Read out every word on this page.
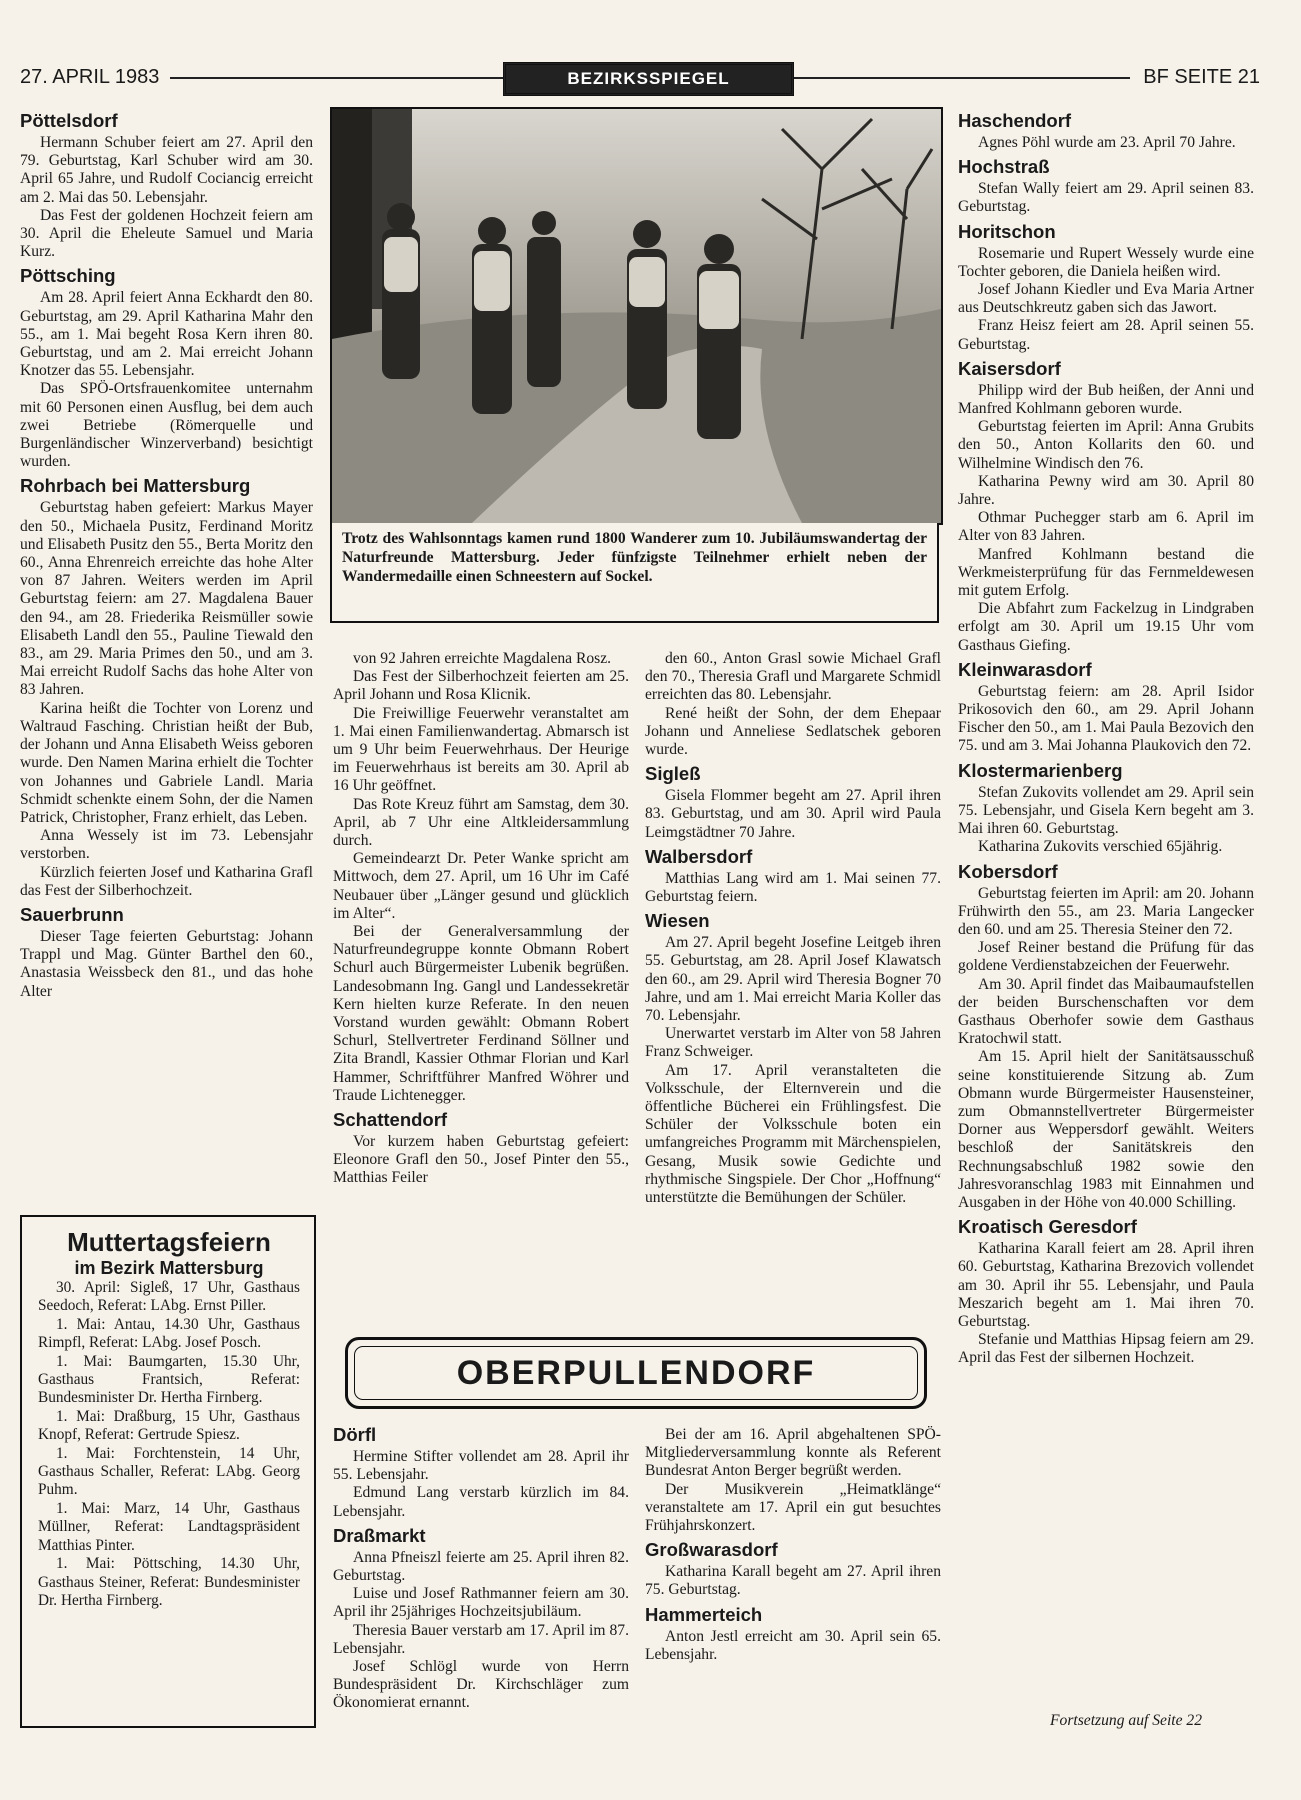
27. APRIL 1983	BEZIRKSSPIEGEL	BF SEITE 21
Pöttelsdorf

Hermann Schuber feiert am 27. April den 79. Geburtstag, Karl Schuber wird am 30. April 65 Jahre, und Rudolf Cociancig erreicht am 2. Mai das 50. Lebensjahr.

Das Fest der goldenen Hochzeit feiern am 30. April die Eheleute Samuel und Maria Kurz.

Pöttsching

Am 28. April feiert Anna Eckhardt den 80. Geburtstag, am 29. April Katharina Mahr den 55., am 1. Mai begeht Rosa Kern ihren 80. Geburtstag, und am 2. Mai erreicht Johann Knotzer das 55. Lebensjahr.

Das SPÖ-Ortsfrauenkomitee unternahm mit 60 Personen einen Ausflug, bei dem auch zwei Betriebe (Römerquelle und Burgenländischer Winzerverband) besichtigt wurden.

Rohrbach bei Mattersburg

Geburtstag haben gefeiert: Markus Mayer den 50., Michaela Pusitz, Ferdinand Moritz und Elisabeth Pusitz den 55., Berta Moritz den 60., Anna Ehrenreich erreichte das hohe Alter von 87 Jahren. Weiters werden im April Geburtstag feiern: am 27. Magdalena Bauer den 94., am 28. Friederika Reismüller sowie Elisabeth Landl den 55., Pauline Tiewald den 83., am 29. Maria Primes den 50., und am 3. Mai erreicht Rudolf Sachs das hohe Alter von 83 Jahren.

Karina heißt die Tochter von Lorenz und Waltraud Fasching. Christian heißt der Bub, der Johann und Anna Elisabeth Weiss geboren wurde. Den Namen Marina erhielt die Tochter von Johannes und Gabriele Landl. Maria Schmidt schenkte einem Sohn, der die Namen Patrick, Christopher, Franz erhielt, das Leben.

Anna Wessely ist im 73. Lebensjahr verstorben.

Kürzlich feierten Josef und Katharina Grafl das Fest der Silberhochzeit.

Sauerbrunn

Dieser Tage feierten Geburtstag: Johann Trappl und Mag. Günter Barthel den 60., Anastasia Weissbeck den 81., und das hohe Alter

Trotz des Wahlsonntags kamen rund 1800 Wanderer zum 10. Jubiläumswandertag der Naturfreunde Mattersburg. Jeder fünfzigste Teilnehmer erhielt neben der Wandermedaille einen Schneestern auf Sockel.

von 92 Jahren erreichte Magdalena Rosz.

Das Fest der Silberhochzeit feierten am 25. April Johann und Rosa Klicnik.

Die Freiwillige Feuerwehr veranstaltet am 1. Mai einen Familienwandertag. Abmarsch ist um 9 Uhr beim Feuerwehrhaus. Der Heurige im Feuerwehrhaus ist bereits am 30. April ab 16 Uhr geöffnet.

Das Rote Kreuz führt am Samstag, dem 30. April, ab 7 Uhr eine Altkleidersammlung durch.

Gemeindearzt Dr. Peter Wanke spricht am Mittwoch, dem 27. April, um 16 Uhr im Café Neubauer über „Länger gesund und glücklich im Alter“.

Bei der Generalversammlung der Naturfreundegruppe konnte Obmann Robert Schurl auch Bürgermeister Lubenik begrüßen. Landesobmann Ing. Gangl und Landessekretär Kern hielten kurze Referate. In den neuen Vorstand wurden gewählt: Obmann Robert Schurl, Stellvertreter Ferdinand Söllner und Zita Brandl, Kassier Othmar Florian und Karl Hammer, Schriftführer Manfred Wöhrer und Traude Lichtenegger.

Schattendorf

Vor kurzem haben Geburtstag gefeiert: Eleonore Grafl den 50., Josef Pinter den 55., Matthias Feiler

den 60., Anton Grasl sowie Michael Grafl den 70., Theresia Grafl und Margarete Schmidl erreichten das 80. Lebensjahr.

René heißt der Sohn, der dem Ehepaar Johann und Anneliese Sedlatschek geboren wurde.

Sigleß

Gisela Flommer begeht am 27. April ihren 83. Geburtstag, und am 30. April wird Paula Leimgstädtner 70 Jahre.

Walbersdorf

Matthias Lang wird am 1. Mai seinen 77. Geburtstag feiern.

Wiesen

Am 27. April begeht Josefine Leitgeb ihren 55. Geburtstag, am 28. April Josef Klawatsch den 60., am 29. April wird Theresia Bogner 70 Jahre, und am 1. Mai erreicht Maria Koller das 70. Lebensjahr.

Unerwartet verstarb im Alter von 58 Jahren Franz Schweiger.

Am 17. April veranstalteten die Volksschule, der Elternverein und die öffentliche Bücherei ein Frühlingsfest. Die Schüler der Volksschule boten ein umfangreiches Programm mit Märchenspielen, Gesang, Musik sowie Gedichte und rhythmische Singspiele. Der Chor „Hoffnung“ unterstützte die Bemühungen der Schüler.

OBERPULLENDORF
Dörfl

Hermine Stifter vollendet am 28. April ihr 55. Lebensjahr.

Edmund Lang verstarb kürzlich im 84. Lebensjahr.

Draßmarkt

Anna Pfneiszl feierte am 25. April ihren 82. Geburtstag.

Luise und Josef Rathmanner feiern am 30. April ihr 25jähriges Hochzeitsjubiläum.

Theresia Bauer verstarb am 17. April im 87. Lebensjahr.

Josef Schlögl wurde von Herrn Bundespräsident Dr. Kirchschläger zum Ökonomierat ernannt.

Bei der am 16. April abgehaltenen SPÖ-Mitgliederversammlung konnte als Referent Bundesrat Anton Berger begrüßt werden.

Der Musikverein „Heimatklänge“ veranstaltete am 17. April ein gut besuchtes Frühjahrskonzert.

Großwarasdorf

Katharina Karall begeht am 27. April ihren 75. Geburtstag.

Hammerteich

Anton Jestl erreicht am 30. April sein 65. Lebensjahr.

Haschendorf

Agnes Pöhl wurde am 23. April 70 Jahre.

Hochstraß

Stefan Wally feiert am 29. April seinen 83. Geburtstag.

Horitschon

Rosemarie und Rupert Wessely wurde eine Tochter geboren, die Daniela heißen wird.

Josef Johann Kiedler und Eva Maria Artner aus Deutschkreutz gaben sich das Jawort.

Franz Heisz feiert am 28. April seinen 55. Geburtstag.

Kaisersdorf

Philipp wird der Bub heißen, der Anni und Manfred Kohlmann geboren wurde.

Geburtstag feierten im April: Anna Grubits den 50., Anton Kollarits den 60. und Wilhelmine Windisch den 76.

Katharina Pewny wird am 30. April 80 Jahre.

Othmar Puchegger starb am 6. April im Alter von 83 Jahren.

Manfred Kohlmann bestand die Werkmeisterprüfung für das Fernmeldewesen mit gutem Erfolg.

Die Abfahrt zum Fackelzug in Lindgraben erfolgt am 30. April um 19.15 Uhr vom Gasthaus Giefing.

Kleinwarasdorf

Geburtstag feiern: am 28. April Isidor Prikosovich den 60., am 29. April Johann Fischer den 50., am 1. Mai Paula Bezovich den 75. und am 3. Mai Johanna Plaukovich den 72.

Klostermarienberg

Stefan Zukovits vollendet am 29. April sein 75. Lebensjahr, und Gisela Kern begeht am 3. Mai ihren 60. Geburtstag.

Katharina Zukovits verschied 65jährig.

Kobersdorf

Geburtstag feierten im April: am 20. Johann Frühwirth den 55., am 23. Maria Langecker den 60. und am 25. Theresia Steiner den 72.

Josef Reiner bestand die Prüfung für das goldene Verdienstabzeichen der Feuerwehr.

Am 30. April findet das Maibaumaufstellen der beiden Burschenschaften vor dem Gasthaus Oberhofer sowie dem Gasthaus Kratochwil statt.

Am 15. April hielt der Sanitätsausschuß seine konstituierende Sitzung ab. Zum Obmann wurde Bürgermeister Hausensteiner, zum Obmannstellvertreter Bürgermeister Dorner aus Weppersdorf gewählt. Weiters beschloß der Sanitätskreis den Rechnungsabschluß 1982 sowie den Jahresvoranschlag 1983 mit Einnahmen und Ausgaben in der Höhe von 40.000 Schilling.

Kroatisch Geresdorf

Katharina Karall feiert am 28. April ihren 60. Geburtstag, Katharina Brezovich vollendet am 30. April ihr 55. Lebensjahr, und Paula Meszarich begeht am 1. Mai ihren 70. Geburtstag.

Stefanie und Matthias Hipsag feiern am 29. April das Fest der silbernen Hochzeit.

Muttertagsfeiern
im Bezirk Mattersburg

30. April: Sigleß, 17 Uhr, Gasthaus Seedoch, Referat: LAbg. Ernst Piller.

1. Mai: Antau, 14.30 Uhr, Gasthaus Rimpfl, Referat: LAbg. Josef Posch.

1. Mai: Baumgarten, 15.30 Uhr, Gasthaus Frantsich, Referat: Bundesminister Dr. Hertha Firnberg.

1. Mai: Draßburg, 15 Uhr, Gasthaus Knopf, Referat: Gertrude Spiesz.

1. Mai: Forchtenstein, 14 Uhr, Gasthaus Schaller, Referat: LAbg. Georg Puhm.

1. Mai: Marz, 14 Uhr, Gasthaus Müllner, Referat: Landtagspräsident Matthias Pinter.

1. Mai: Pöttsching, 14.30 Uhr, Gasthaus Steiner, Referat: Bundesminister Dr. Hertha Firnberg.

Fortsetzung auf Seite 22
